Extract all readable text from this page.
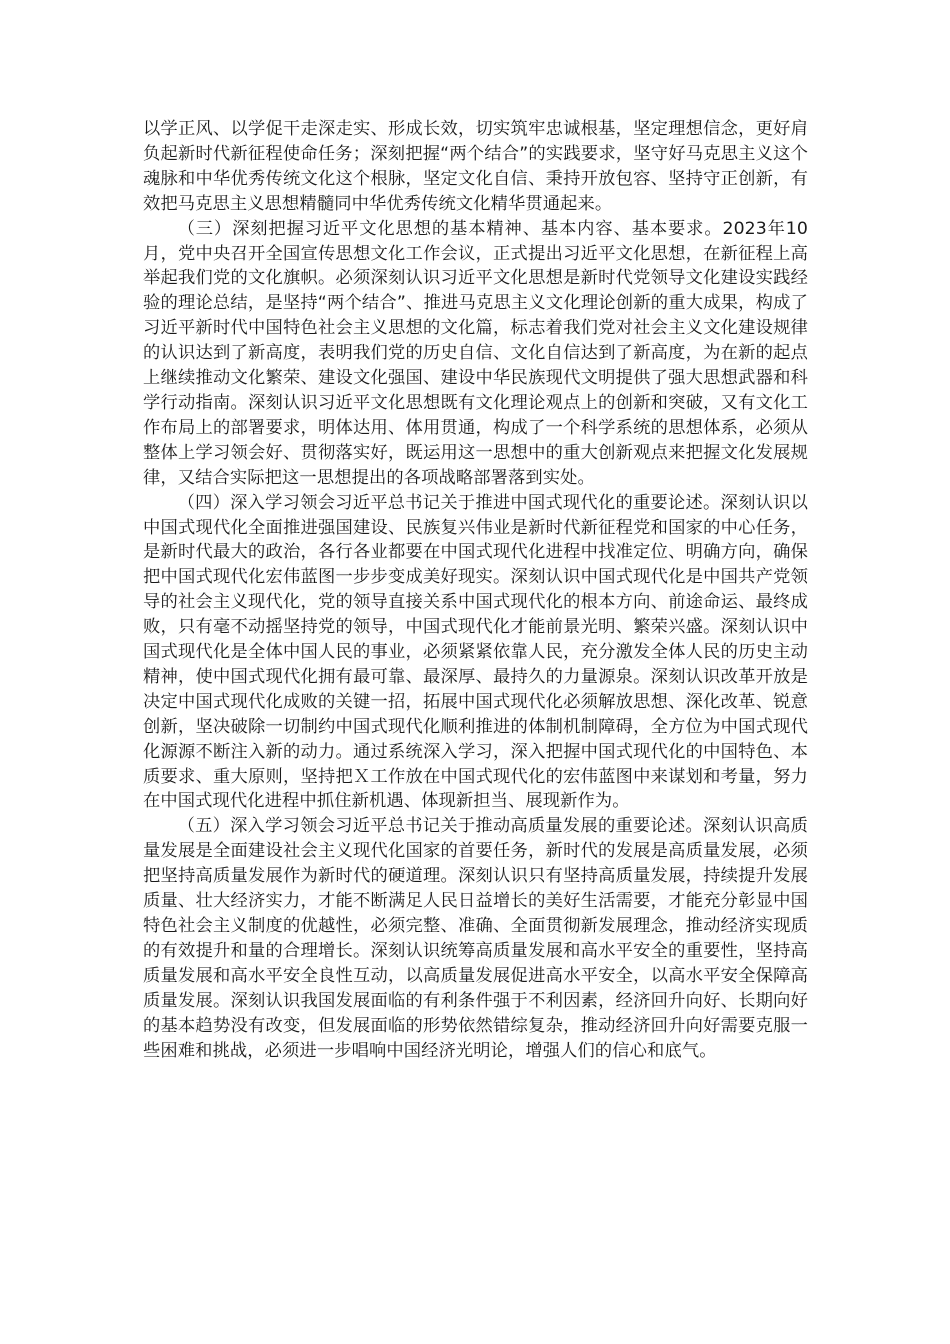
以学正风、以学促干走深走实、形成长效，切实筑牢忠诚根基，坚定理想信念，更好肩负起新时代新征程使命任务；深刻把握“两个结合”的实践要求，坚守好马克思主义这个魂脉和中华优秀传统文化这个根脉，坚定文化自信、秉持开放包容、坚持守正创新，有效把马克思主义思想精髓同中华优秀传统文化精华贯通起来。

（三）深刻把握习近平文化思想的基本精神、基本内容、基本要求。2023年10月，党中央召开全国宣传思想文化工作会议，正式提出习近平文化思想，在新征程上高举起我们党的文化旗帜。必须深刻认识习近平文化思想是新时代党领导文化建设实践经验的理论总结，是坚持“两个结合”、推进马克思主义文化理论创新的重大成果，构成了习近平新时代中国特色社会主义思想的文化篇，标志着我们党对社会主义文化建设规律的认识达到了新高度，表明我们党的历史自信、文化自信达到了新高度，为在新的起点上继续推动文化繁荣、建设文化强国、建设中华民族现代文明提供了强大思想武器和科学行动指南。深刻认识习近平文化思想既有文化理论观点上的创新和突破，又有文化工作布局上的部署要求，明体达用、体用贯通，构成了一个科学系统的思想体系，必须从整体上学习领会好、贯彻落实好，既运用这一思想中的重大创新观点来把握文化发展规律，又结合实际把这一思想提出的各项战略部署落到实处。

（四）深入学习领会习近平总书记关于推进中国式现代化的重要论述。深刻认识以中国式现代化全面推进强国建设、民族复兴伟业是新时代新征程党和国家的中心任务，是新时代最大的政治，各行各业都要在中国式现代化进程中找准定位、明确方向，确保把中国式现代化宏伟蓝图一步步变成美好现实。深刻认识中国式现代化是中国共产党领导的社会主义现代化，党的领导直接关系中国式现代化的根本方向、前途命运、最终成败，只有毫不动摇坚持党的领导，中国式现代化才能前景光明、繁荣兴盛。深刻认识中国式现代化是全体中国人民的事业，必须紧紧依靠人民，充分激发全体人民的历史主动精神，使中国式现代化拥有最可靠、最深厚、最持久的力量源泉。深刻认识改革开放是决定中国式现代化成败的关键一招，拓展中国式现代化必须解放思想、深化改革、锐意创新，坚决破除一切制约中国式现代化顺利推进的体制机制障碍，全方位为中国式现代化源源不断注入新的动力。通过系统深入学习，深入把握中国式现代化的中国特色、本质要求、重大原则，坚持把Ｘ工作放在中国式现代化的宏伟蓝图中来谋划和考量，努力在中国式现代化进程中抓住新机遇、体现新担当、展现新作为。

（五）深入学习领会习近平总书记关于推动高质量发展的重要论述。深刻认识高质量发展是全面建设社会主义现代化国家的首要任务，新时代的发展是高质量发展，必须把坚持高质量发展作为新时代的硬道理。深刻认识只有坚持高质量发展，持续提升发展质量、壮大经济实力，才能不断满足人民日益增长的美好生活需要，才能充分彰显中国特色社会主义制度的优越性，必须完整、准确、全面贯彻新发展理念，推动经济实现质的有效提升和量的合理增长。深刻认识统筹高质量发展和高水平安全的重要性，坚持高质量发展和高水平安全良性互动，以高质量发展促进高水平安全，以高水平安全保障高质量发展。深刻认识我国发展面临的有利条件强于不利因素，经济回升向好、长期向好的基本趋势没有改变，但发展面临的形势依然错综复杂，推动经济回升向好需要克服一些困难和挑战，必须进一步唱响中国经济光明论，增强人们的信心和底气。
